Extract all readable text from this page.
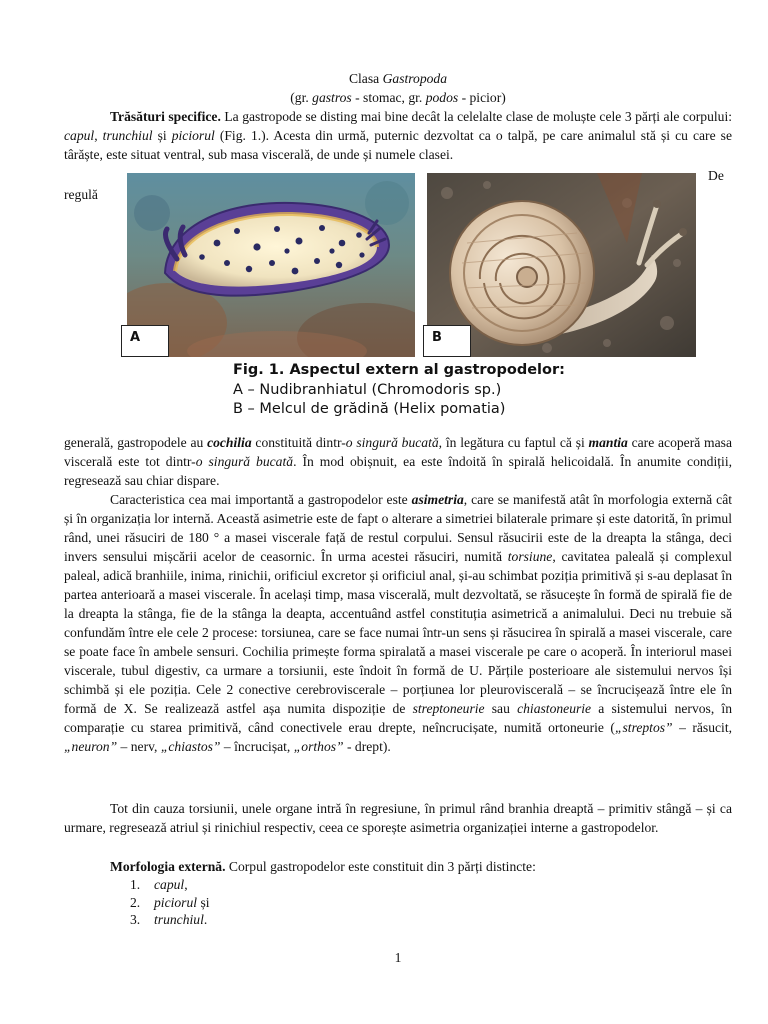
Clasa Gastropoda
(gr. gastros - stomac, gr. podos - picior)
Trăsături specifice. La gastropode se disting mai bine decât la celelalte clase de moluște cele 3 părți ale corpului: capul, trunchiul și piciorul (Fig. 1.). Acesta din urmă, puternic dezvoltat ca o talpă, pe care animalul stă și cu care se târăște, este situat ventral, sub masa viscerală, de unde și numele clasei.
De
regulă
A	B
Fig. 1. Aspectul extern al gastropodelor:
A – Nudibranhiatul (Chromodoris sp.)
B – Melcul de grădină (Helix pomatia)
generală, gastropodele au cochilia constituită dintr-o singură bucată, în legătura cu faptul că și mantia care acoperă masa viscerală este tot dintr-o singură bucată. În mod obișnuit, ea este îndoită în spirală helicoidală. În anumite condiții, regresează sau chiar dispare.
Caracteristica cea mai importantă a gastropodelor este asimetria, care se manifestă atât în morfologia externă cât și în organizația lor internă. Această asimetrie este de fapt o alterare a simetriei bilaterale primare și este datorită, în primul rând, unei răsuciri de 180 ° a masei viscerale față de restul corpului. Sensul răsucirii este de la dreapta la stânga, deci invers sensului mișcării acelor de ceasornic. În urma acestei răsuciri, numită torsiune, cavitatea paleală și complexul paleal, adică branhiile, inima, rinichii, orificiul excretor și orificiul anal, și-au schimbat poziția primitivă și s-au deplasat în partea anterioară a masei viscerale. În același timp, masa viscerală, mult dezvoltată, se răsucește în formă de spirală fie de la dreapta la stânga, fie de la stânga la deapta, accentuând astfel constituția asimetrică a animalului. Deci nu trebuie să confundăm între ele cele 2 procese: torsiunea, care se face numai într-un sens și răsucirea în spirală a masei viscerale, care se poate face în ambele sensuri. Cochilia primește forma spiralată a masei viscerale pe care o acoperă. În interiorul masei viscerale, tubul digestiv, ca urmare a torsiunii, este îndoit în formă de U. Părțile posterioare ale sistemului nervos își schimbă și ele poziția. Cele 2 conective cerebroviscerale – porțiunea lor pleurovisceralǎ – se încrucișează între ele în formă de X. Se realizează astfel așa numita dispoziție de streptoneurie sau chiastoneurie a sistemului nervos, în comparație cu starea primitivă, când conectivele erau drepte, neîncrucișate, numită ortoneurie („streptos” – răsucit, „neuron” – nerv, „chiastos” – încrucișat, „orthos” - drept).
Tot din cauza torsiunii, unele organe intră în regresiune, în primul rând branhia dreaptă – primitiv stângă – și ca urmare, regresează atriul și rinichiul respectiv, ceea ce sporește asimetria organizației interne a gastropodelor.
Morfologia externă. Corpul gastropodelor este constituit din 3 părți distincte:
1. capul,
2. piciorul și
3. trunchiul.
1
